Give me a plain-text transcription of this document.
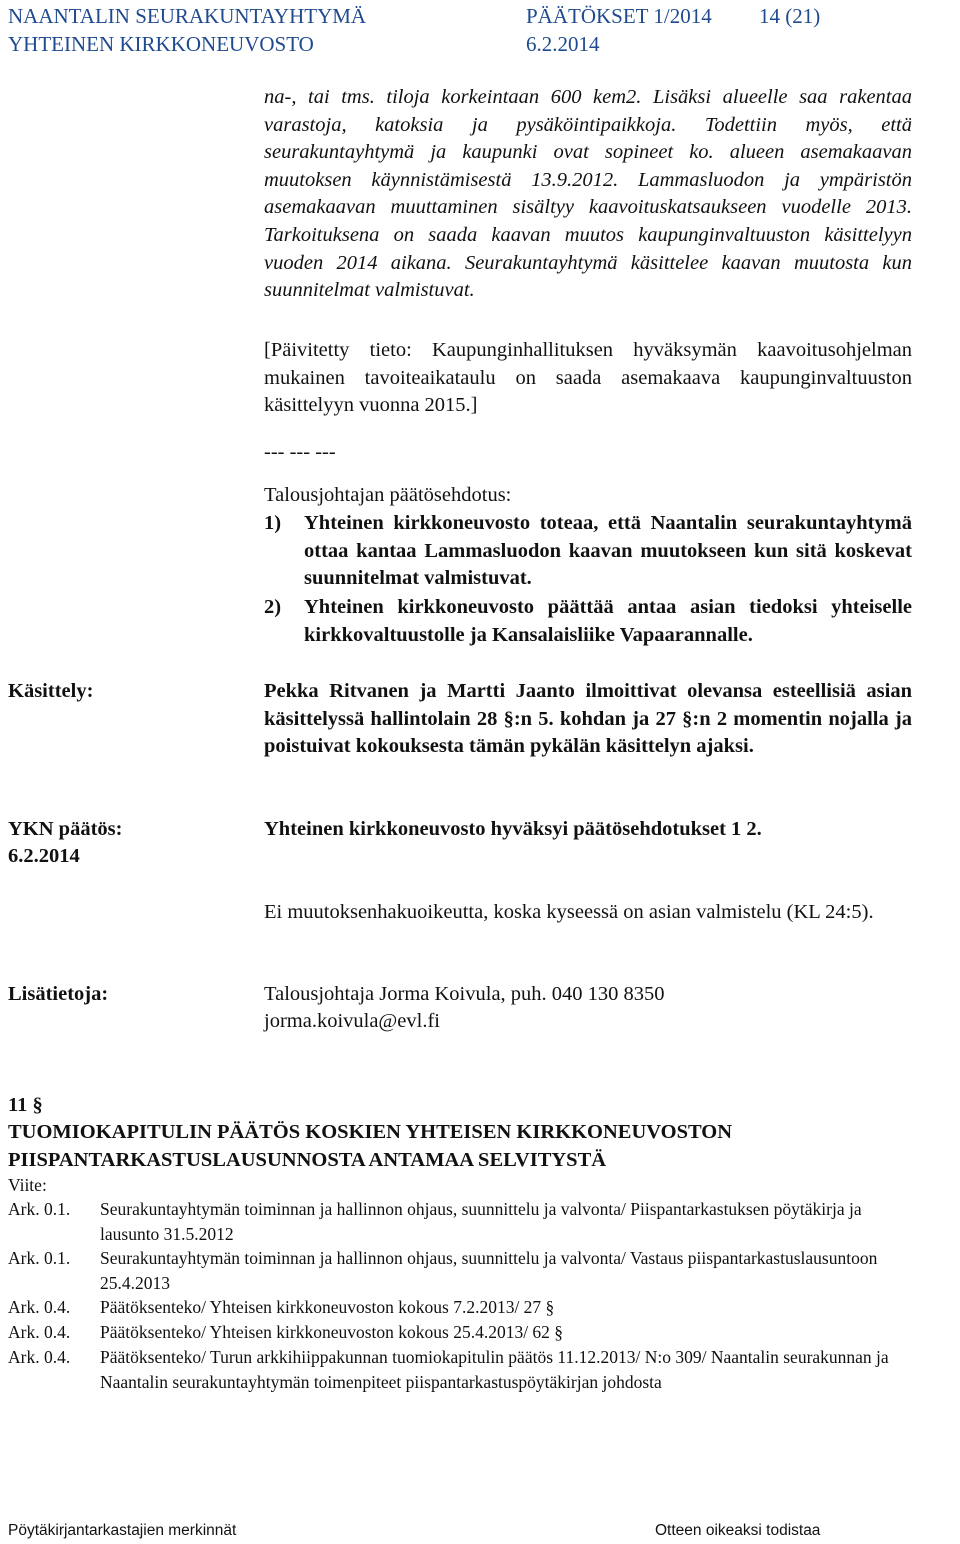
NAANTALIN SEURAKUNTAYHTYMÄ	PÄÄTÖKSET 1/2014 14 (21)
YHTEINEN KIRKKONEUVOSTO	6.2.2014

na-, tai tms. tiloja korkeintaan 600 kem2. Lisäksi alueelle saa rakentaa varastoja, katoksia ja pysäköintipaikkoja. Todettiin myös, että seurakuntayhtymä ja kaupunki ovat sopineet ko. alueen asemakaavan muutoksen käynnistämisestä 13.9.2012. Lammasluodon ja ympäristön asemakaavan muuttaminen sisältyy kaavoituskatsaukseen vuodelle 2013. Tarkoituksena on saada kaavan muutos kaupunginvaltuuston käsittelyyn vuoden 2014 aikana. Seurakuntayhtymä käsittelee kaavan muutosta kun suunnitelmat valmistuvat.

[Päivitetty tieto: Kaupunginhallituksen hyväksymän kaavoitusohjelman mukainen tavoiteaikataulu on saada asemakaava kaupunginvaltuuston käsittelyyn vuonna 2015.]

--- --- ---
Talousjohtajan päätösehdotus:
1) Yhteinen kirkkoneuvosto toteaa, että Naantalin seurakuntayhtymä ottaa kantaa Lammasluodon kaavan muutokseen kun sitä koskevat suunnitelmat valmistuvat.

2) Yhteinen kirkkoneuvosto päättää antaa asian tiedoksi yhteiselle kirkkovaltuustolle ja Kansalaisliike Vapaarannalle.

Käsittely:	Pekka Ritvanen ja Martti Jaanto ilmoittivat olevansa esteellisiä asian käsittelyssä hallintolain 28 §:n 5. kohdan ja 27 §:n 2 momentin nojalla ja poistuivat kokouksesta tämän pykälän käsittelyn ajaksi.

YKN päätös:
6.2.2014
Yhteinen kirkkoneuvosto hyväksyi päätösehdotukset 1 2.

Ei muutoksenhakuoikeutta, koska kyseessä on asian valmistelu (KL 24:5).

Lisätietoja:	Talousjohtaja Jorma Koivula, puh. 040 130 8350
jorma.koivula@evl.fi
11 §

TUOMIOKAPITULIN PÄÄTÖS KOSKIEN YHTEISEN KIRKKONEUVOSTON PIISPANTARKASTUSLAUSUNNOSTA ANTAMAA SELVITYSTÄ

Viite:
Ark. 0.1. Seurakuntayhtymän toiminnan ja hallinnon ohjaus, suunnittelu ja valvonta/ Piispantarkastuksen pöytäkirja ja lausunto 31.5.2012
Ark. 0.1. Seurakuntayhtymän toiminnan ja hallinnon ohjaus, suunnittelu ja valvonta/ Vastaus piispantarkastuslausuntoon 25.4.2013
Ark. 0.4. Päätöksenteko/ Yhteisen kirkkoneuvoston kokous 7.2.2013/ 27 §
Ark. 0.4. Päätöksenteko/ Yhteisen kirkkoneuvoston kokous 25.4.2013/ 62 §
Ark. 0.4. Päätöksenteko/ Turun arkkihiippakunnan tuomiokapitulin päätös 11.12.2013/ N:o 309/ Naantalin seurakunnan ja Naantalin seurakuntayhtymän toimenpiteet piispantarkastuspöytäkirjan johdosta
Pöytäkirjantarkastajien merkinnät	Otteen oikeaksi todistaa
